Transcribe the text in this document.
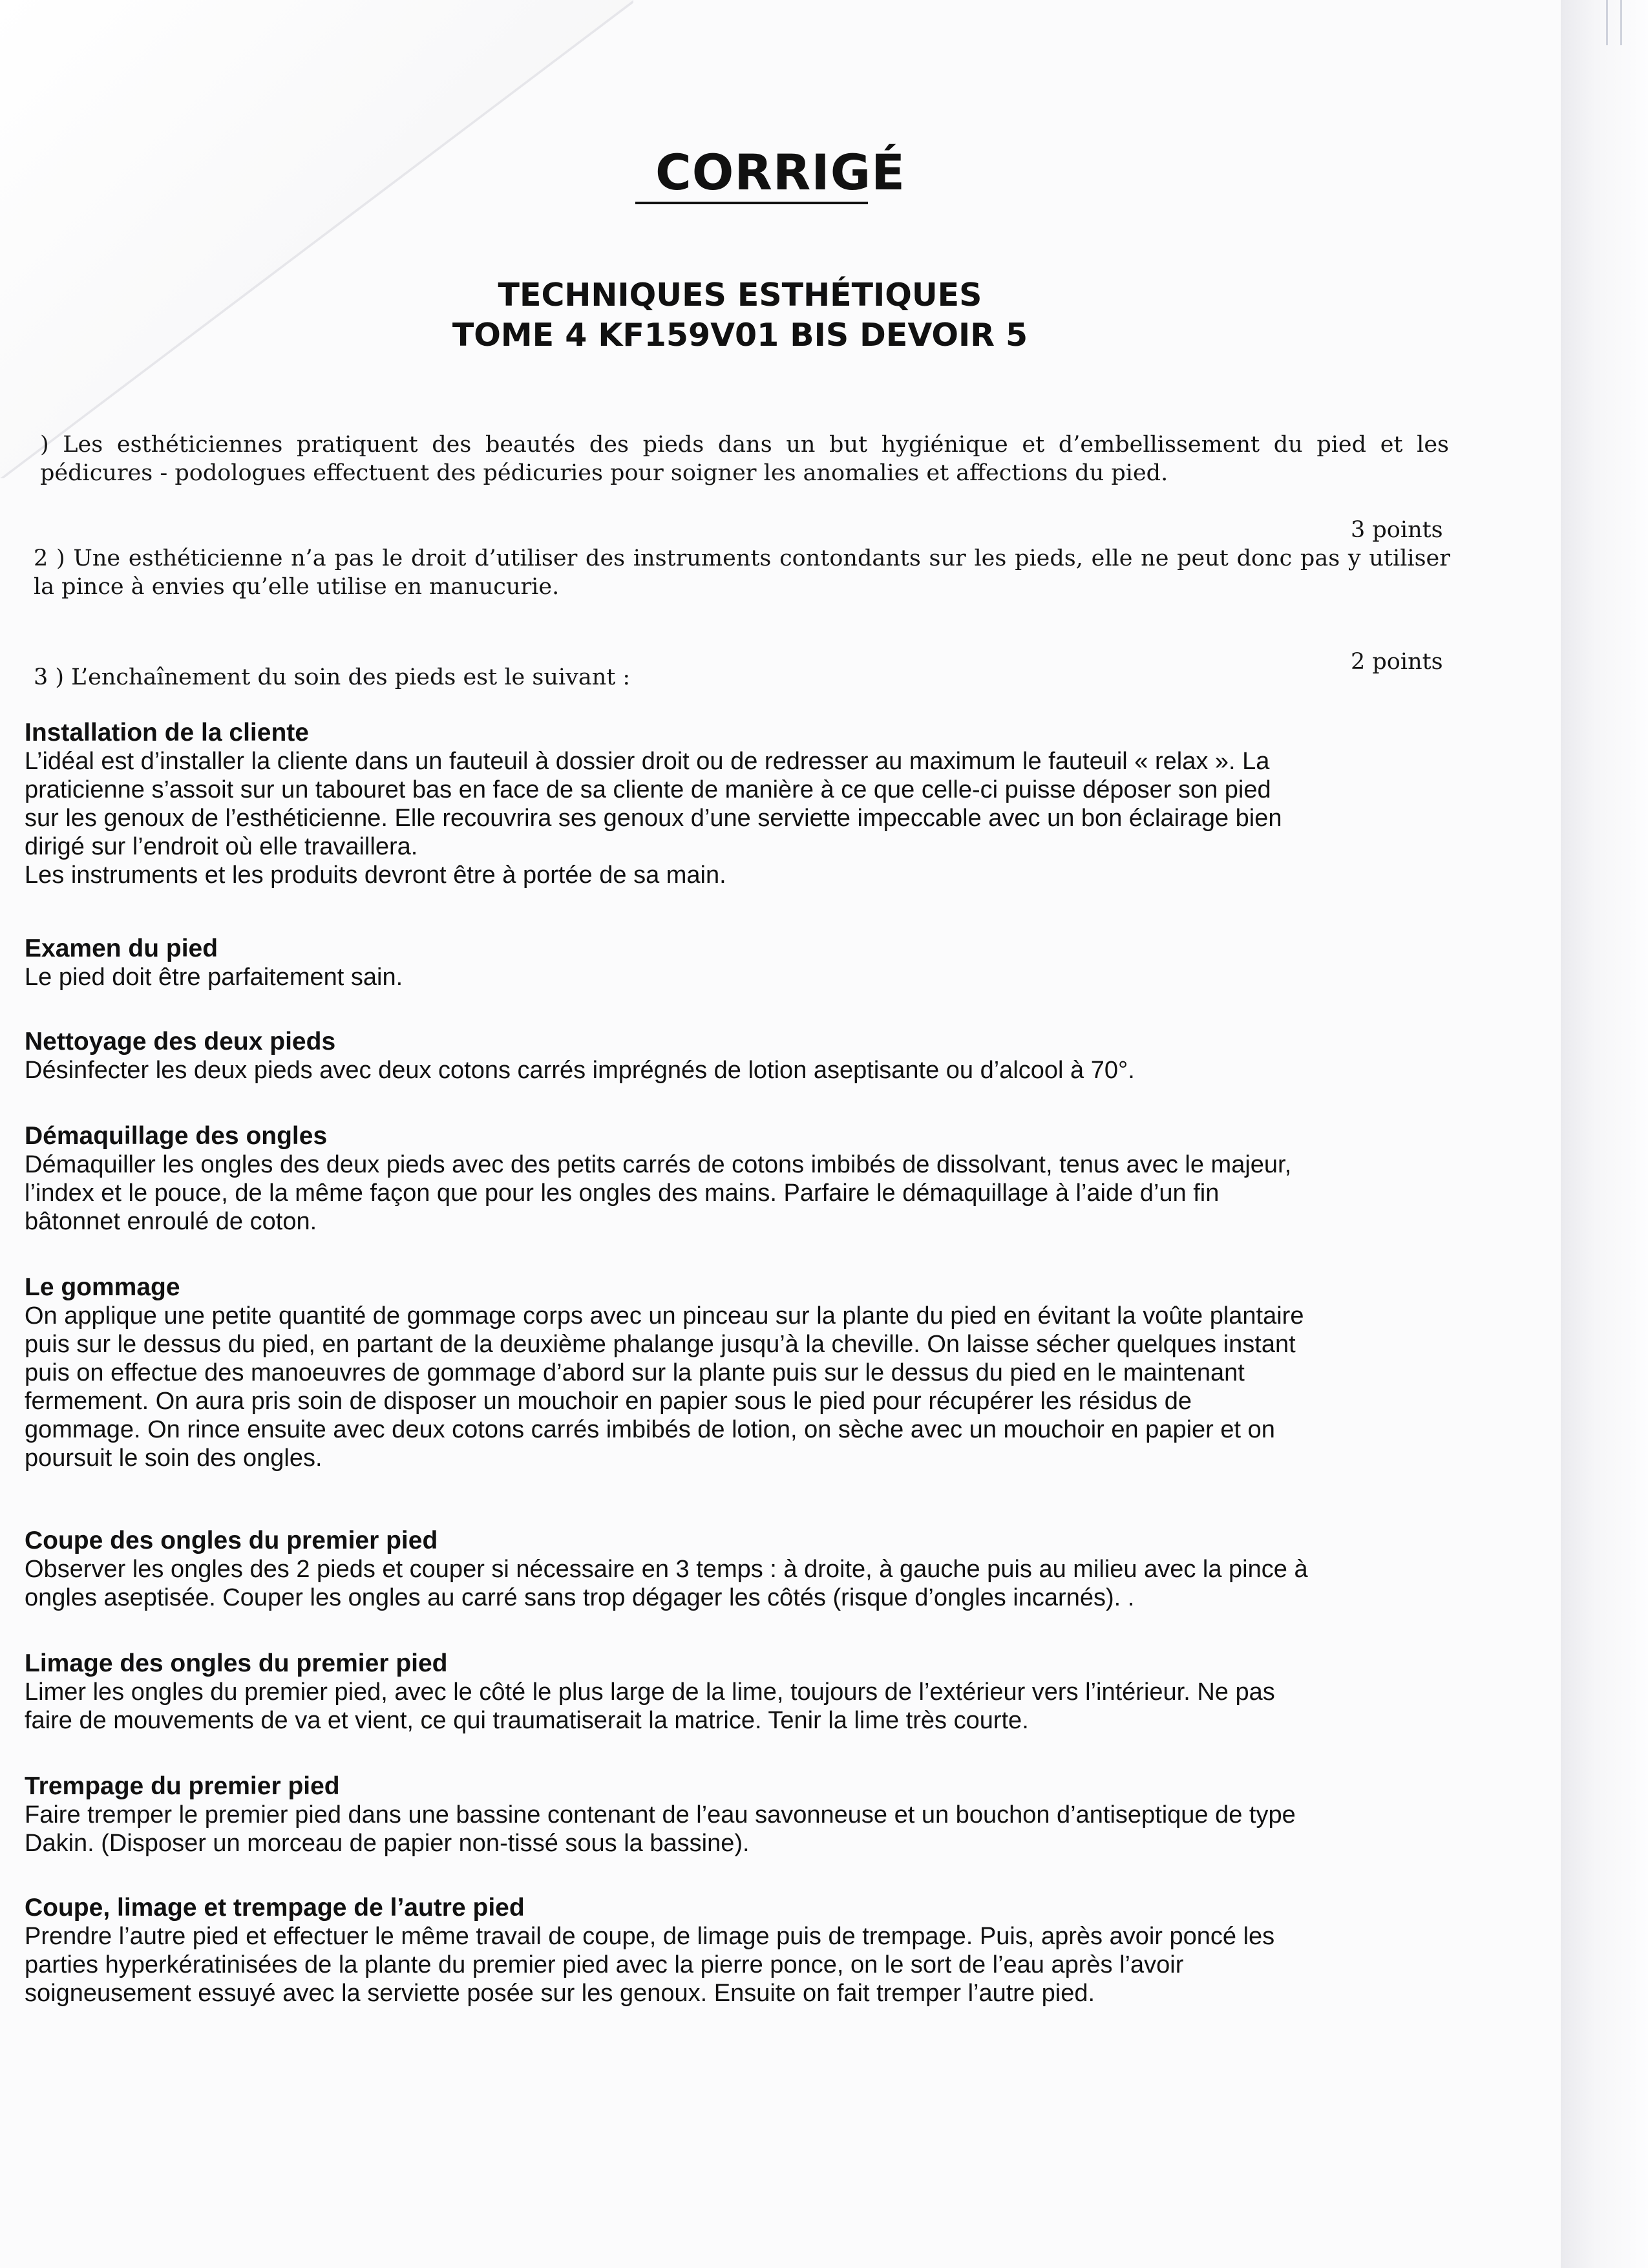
CORRIGÉ
TECHNIQUES ESTHÉTIQUES
TOME 4 KF159V01 BIS DEVOIR 5
) Les esthéticiennes pratiquent des beautés des pieds dans un but hygiénique et d’embellissement du pied et les pédicures - podologues effectuent des pédicuries pour soigner les anomalies et affections du pied.
3 points
2 ) Une esthéticienne n’a pas le droit d’utiliser des instruments contondants sur les pieds, elle ne peut donc pas y utiliser la pince à envies qu’elle utilise en manucurie.
2 points
3 ) L’enchaînement du soin des pieds est le suivant :
Installation de la cliente

L’idéal est d’installer la cliente dans un fauteuil à dossier droit ou de redresser au maximum le fauteuil « relax ». La

praticienne s’assoit sur un tabouret bas en face de sa cliente de manière à ce que celle-ci puisse déposer son pied

sur les genoux de l’esthéticienne. Elle recouvrira ses genoux d’une serviette impeccable avec un bon éclairage bien

dirigé sur l’endroit où elle travaillera.

Les instruments et les produits devront être à portée de sa main.

Examen du pied

Le pied doit être parfaitement sain.

Nettoyage des deux pieds

Désinfecter les deux pieds avec deux cotons carrés imprégnés de lotion aseptisante ou d’alcool à 70°.

Démaquillage des ongles

Démaquiller les ongles des deux pieds avec des petits carrés de cotons imbibés de dissolvant, tenus avec le majeur,

l’index et le pouce, de la même façon que pour les ongles des mains. Parfaire le démaquillage à l’aide d’un fin

bâtonnet enroulé de coton.

Le gommage

On applique une petite quantité de gommage corps avec un pinceau sur la plante du pied en évitant la voûte plantaire

puis sur le dessus du pied, en partant de la deuxième phalange jusqu’à la cheville. On laisse sécher quelques instant

puis on effectue des manoeuvres de gommage d’abord sur la plante puis sur le dessus du pied en le maintenant

fermement. On aura pris soin de disposer un mouchoir en papier sous le pied pour récupérer les résidus de

gommage. On rince ensuite avec deux cotons carrés imbibés de lotion, on sèche avec un mouchoir en papier et on

poursuit le soin des ongles.

Coupe des ongles du premier pied

Observer les ongles des 2 pieds et couper si nécessaire en 3 temps : à droite, à gauche puis au milieu avec la pince à

ongles aseptisée. Couper les ongles au carré sans trop dégager les côtés (risque d’ongles incarnés). .

Limage des ongles du premier pied

Limer les ongles du premier pied, avec le côté le plus large de la lime, toujours de l’extérieur vers l’intérieur. Ne pas

faire de mouvements de va et vient, ce qui traumatiserait la matrice. Tenir la lime très courte.

Trempage du premier pied

Faire tremper le premier pied dans une bassine contenant de l’eau savonneuse et un bouchon d’antiseptique de type

Dakin. (Disposer un morceau de papier non-tissé sous la bassine).

Coupe, limage et trempage de l’autre pied

Prendre l’autre pied et effectuer le même travail de coupe, de limage puis de trempage. Puis, après avoir poncé les

parties hyperkératinisées de la plante du premier pied avec la pierre ponce, on le sort de l’eau après l’avoir

soigneusement essuyé avec la serviette posée sur les genoux. Ensuite on fait tremper l’autre pied.
